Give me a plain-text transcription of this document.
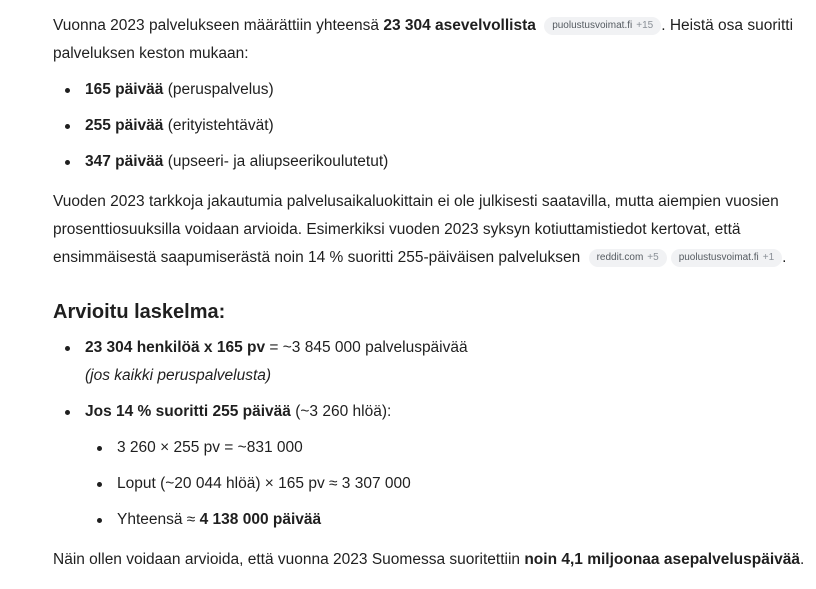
Vuonna 2023 palvelukseen määrättiin yhteensä 23 304 asevelvollista puolustusvoimat.fi +15 . Heistä osa suoritti palveluksen keston mukaan:

165 päivää (peruspalvelus)
255 päivää (erityistehtävät)
347 päivää (upseeri- ja aliupseerikoulutetut)

Vuoden 2023 tarkkoja jakautumia palvelusaikaluokittain ei ole julkisesti saatavilla, mutta aiempien vuosien prosenttiosuuksilla voidaan arvioida. Esimerkiksi vuoden 2023 syksyn kotiuttamistiedot kertovat, että ensimmäisestä saapumiserästä noin 14 % suoritti 255-päiväisen palveluksen reddit.com +5 puolustusvoimat.fi +1 .

Arvioitu laskelma:
23 304 henkilöä x 165 pv = ~3 845 000 palveluspäivää
(jos kaikki peruspalvelusta)
Jos 14 % suoritti 255 päivää (~3 260 hlöä):
3 260 × 255 pv = ~831 000
Loput (~20 044 hlöä) × 165 pv ≈ 3 307 000
Yhteensä ≈ 4 138 000 päivää

Näin ollen voidaan arvioida, että vuonna 2023 Suomessa suoritettiin noin 4,1 miljoonaa asepalveluspäivää.
